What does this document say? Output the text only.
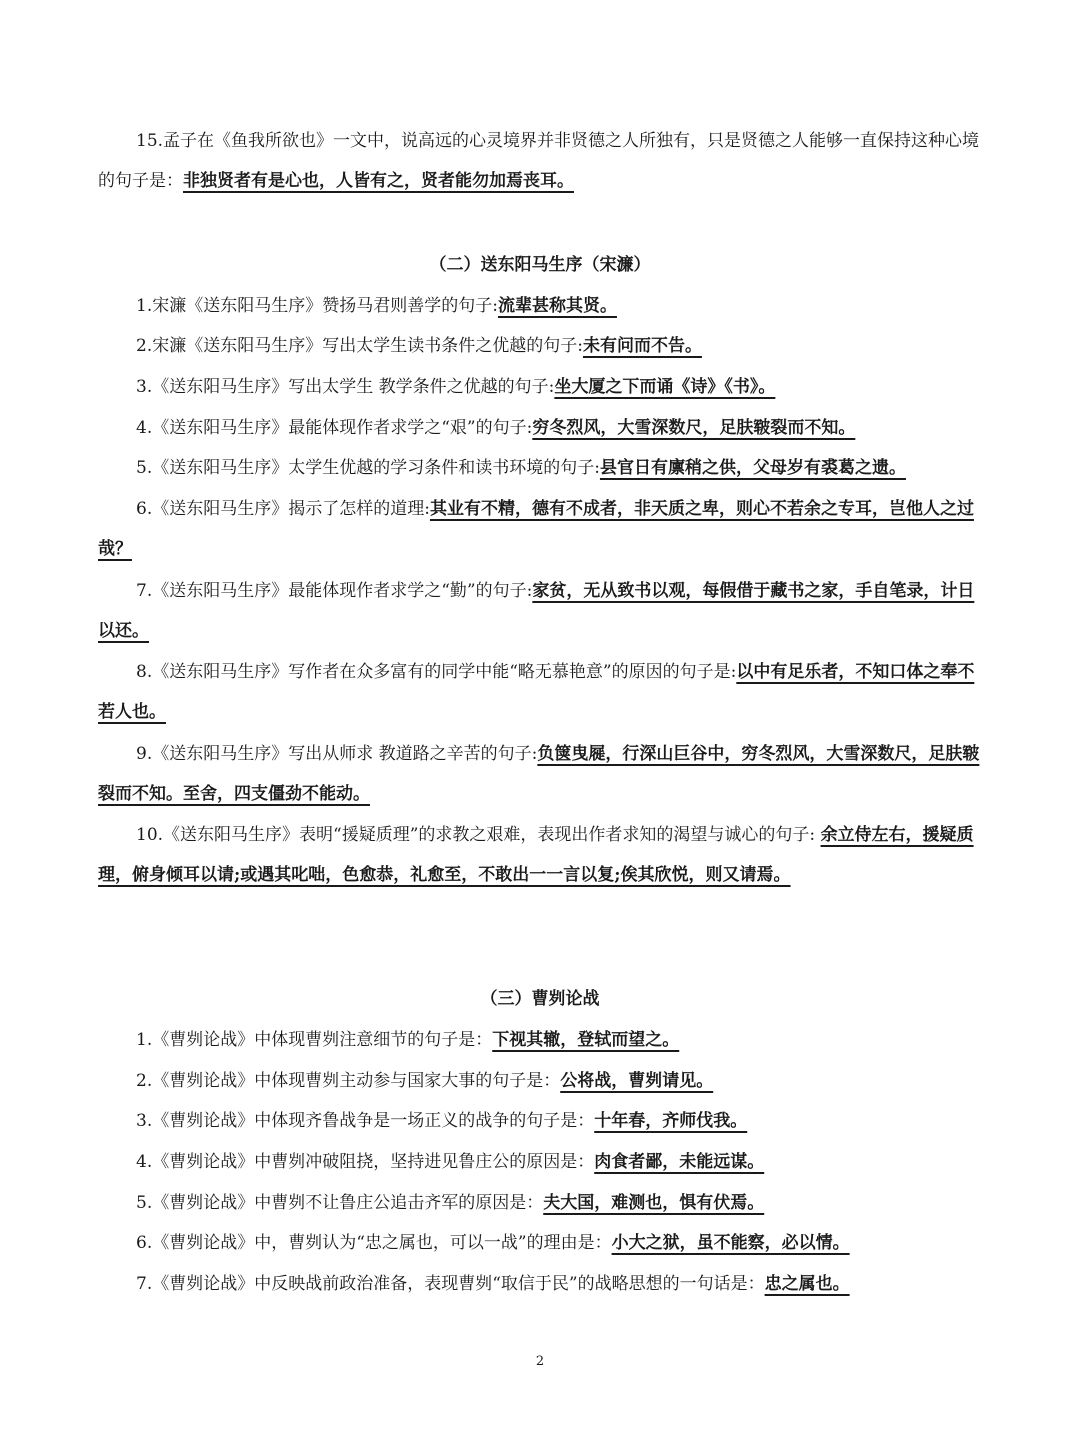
15.孟子在《鱼我所欲也》一文中，说高远的心灵境界并非贤德之人所独有，只是贤德之人能够一直保持这种心境的句子是：非独贤者有是心也，人皆有之，贤者能勿加焉丧耳。

（二）送东阳马生序（宋濂）

1.宋濂《送东阳马生序》赞扬马君则善学的句子:流辈甚称其贤。

2.宋濂《送东阳马生序》写出太学生读书条件之优越的句子:未有问而不告。

3.《送东阳马生序》写出太学生 教学条件之优越的句子:坐大厦之下而诵《诗》《书》。

4.《送东阳马生序》最能体现作者求学之“艰”的句子:穷冬烈风，大雪深数尺，足肤皲裂而不知。

5.《送东阳马生序》太学生优越的学习条件和读书环境的句子:县官日有廪稍之供，父母岁有裘葛之遗。

6.《送东阳马生序》揭示了怎样的道理:其业有不精，德有不成者，非天质之卑，则心不若余之专耳，岂他人之过哉？

7.《送东阳马生序》最能体现作者求学之“勤”的句子:家贫，无从致书以观，每假借于藏书之家，手自笔录，计日以还。

8.《送东阳马生序》写作者在众多富有的同学中能“略无慕艳意”的原因的句子是:以中有足乐者，不知口体之奉不若人也。

9.《送东阳马生序》写出从师求 教道路之辛苦的句子:负箧曳屣，行深山巨谷中，穷冬烈风，大雪深数尺，足肤皲裂而不知。至舍，四支僵劲不能动。

10.《送东阳马生序》表明“援疑质理”的求教之艰难，表现出作者求知的渴望与诚心的句子: 余立侍左右，援疑质理，俯身倾耳以请;或遇其叱咄，色愈恭，礼愈至，不敢出一一言以复;俟其欣悦，则又请焉。

（三）曹刿论战

1.《曹刿论战》中体现曹刿注意细节的句子是：下视其辙，登轼而望之。

2.《曹刿论战》中体现曹刿主动参与国家大事的句子是：公将战，曹刿请见。

3.《曹刿论战》中体现齐鲁战争是一场正义的战争的句子是：十年春，齐师伐我。

4.《曹刿论战》中曹刿冲破阻挠，坚持进见鲁庄公的原因是：肉食者鄙，未能远谋。

5.《曹刿论战》中曹刿不让鲁庄公追击齐军的原因是：夫大国，难测也，惧有伏焉。

6.《曹刿论战》中，曹刿认为“忠之属也，可以一战”的理由是：小大之狱，虽不能察，必以情。

7.《曹刿论战》中反映战前政治准备，表现曹刿“取信于民”的战略思想的一句话是：忠之属也。

2
